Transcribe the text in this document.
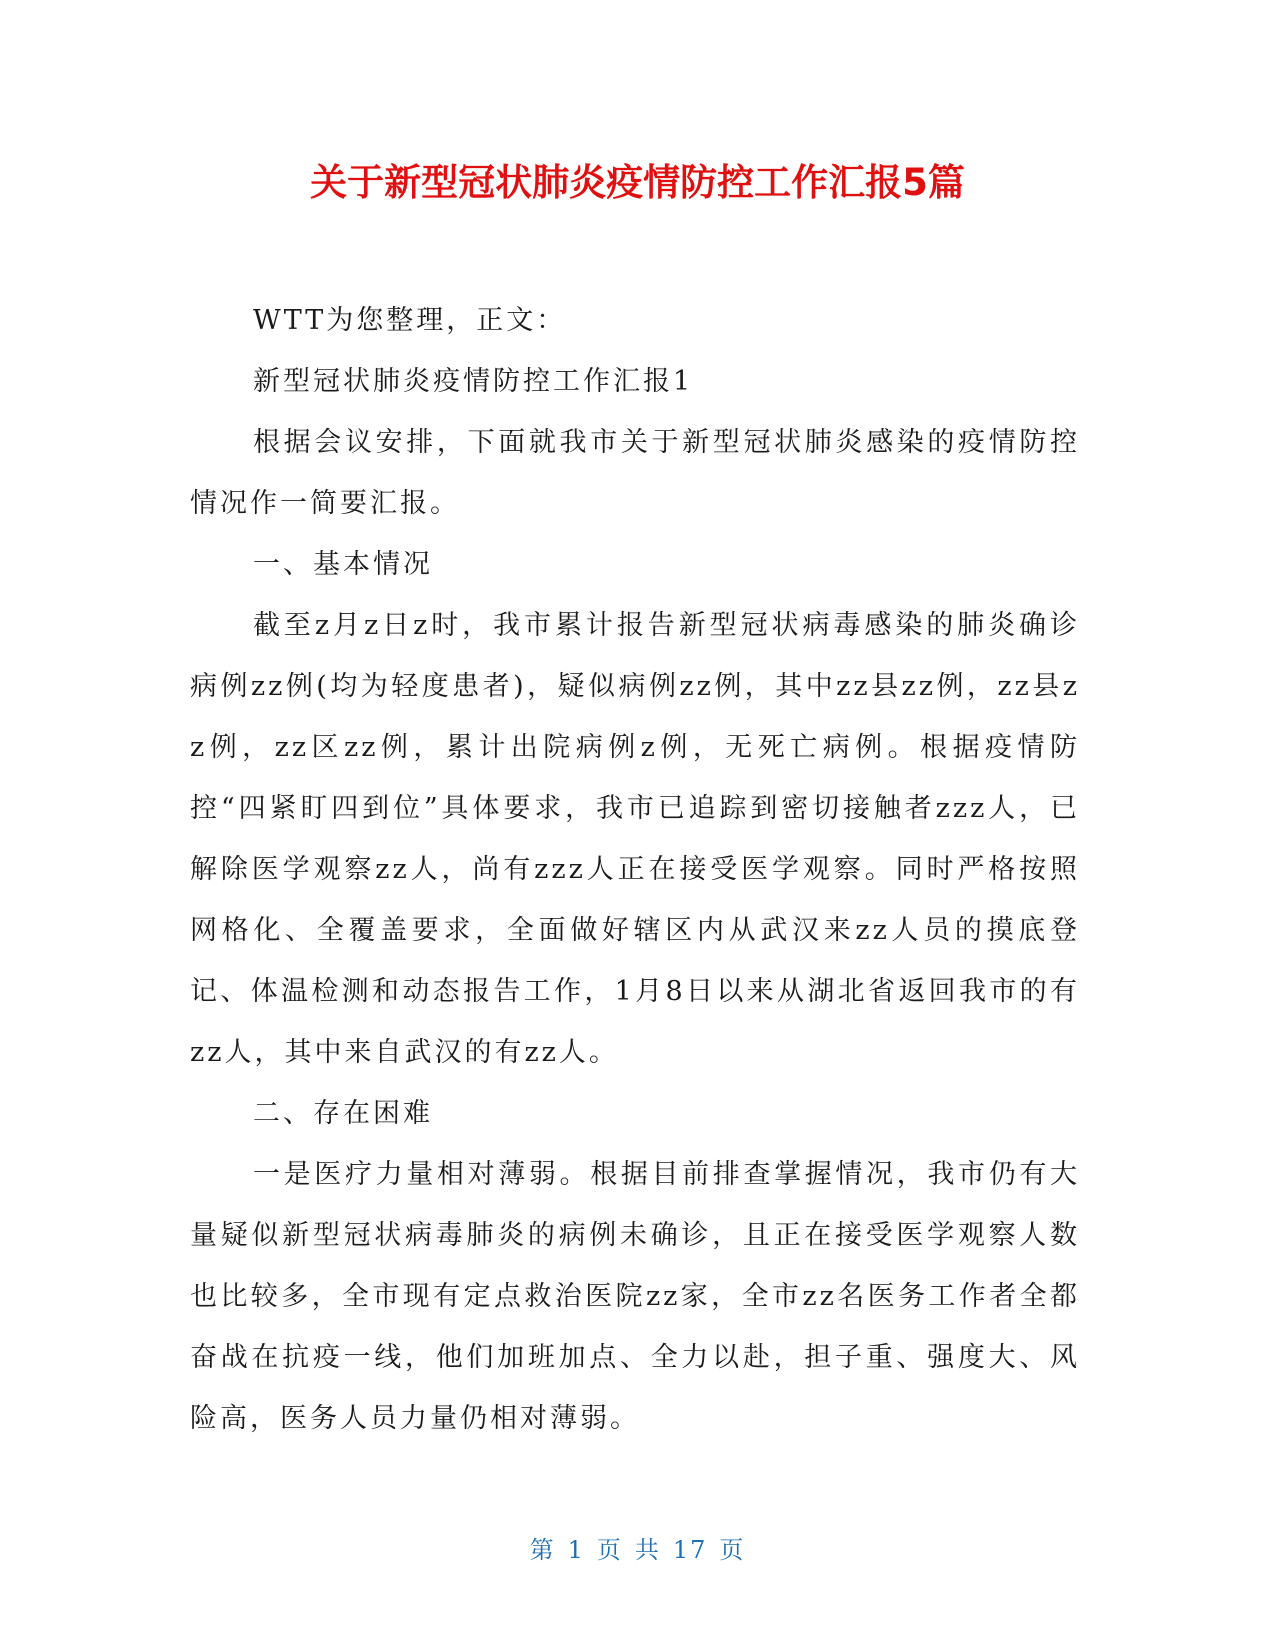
关于新型冠状肺炎疫情防控工作汇报5篇

WTT为您整理，正文：

新型冠状肺炎疫情防控工作汇报1

根据会议安排，下面就我市关于新型冠状肺炎感染的疫情防控情况作一简要汇报。

一、基本情况

截至z月z日z时，我市累计报告新型冠状病毒感染的肺炎确诊病例zz例(均为轻度患者)，疑似病例zz例，其中zz县zz例，zz县zz例，zz区zz例，累计出院病例z例，无死亡病例。根据疫情防控“四紧盯四到位”具体要求，我市已追踪到密切接触者zzz人，已解除医学观察zz人，尚有zzz人正在接受医学观察。同时严格按照网格化、全覆盖要求，全面做好辖区内从武汉来zz人员的摸底登记、体温检测和动态报告工作，1月8日以来从湖北省返回我市的有zz人，其中来自武汉的有zz人。

二、存在困难

一是医疗力量相对薄弱。根据目前排查掌握情况，我市仍有大量疑似新型冠状病毒肺炎的病例未确诊，且正在接受医学观察人数也比较多，全市现有定点救治医院zz家，全市zz名医务工作者全都奋战在抗疫一线，他们加班加点、全力以赴，担子重、强度大、风险高，医务人员力量仍相对薄弱。

第 1 页 共 17 页
